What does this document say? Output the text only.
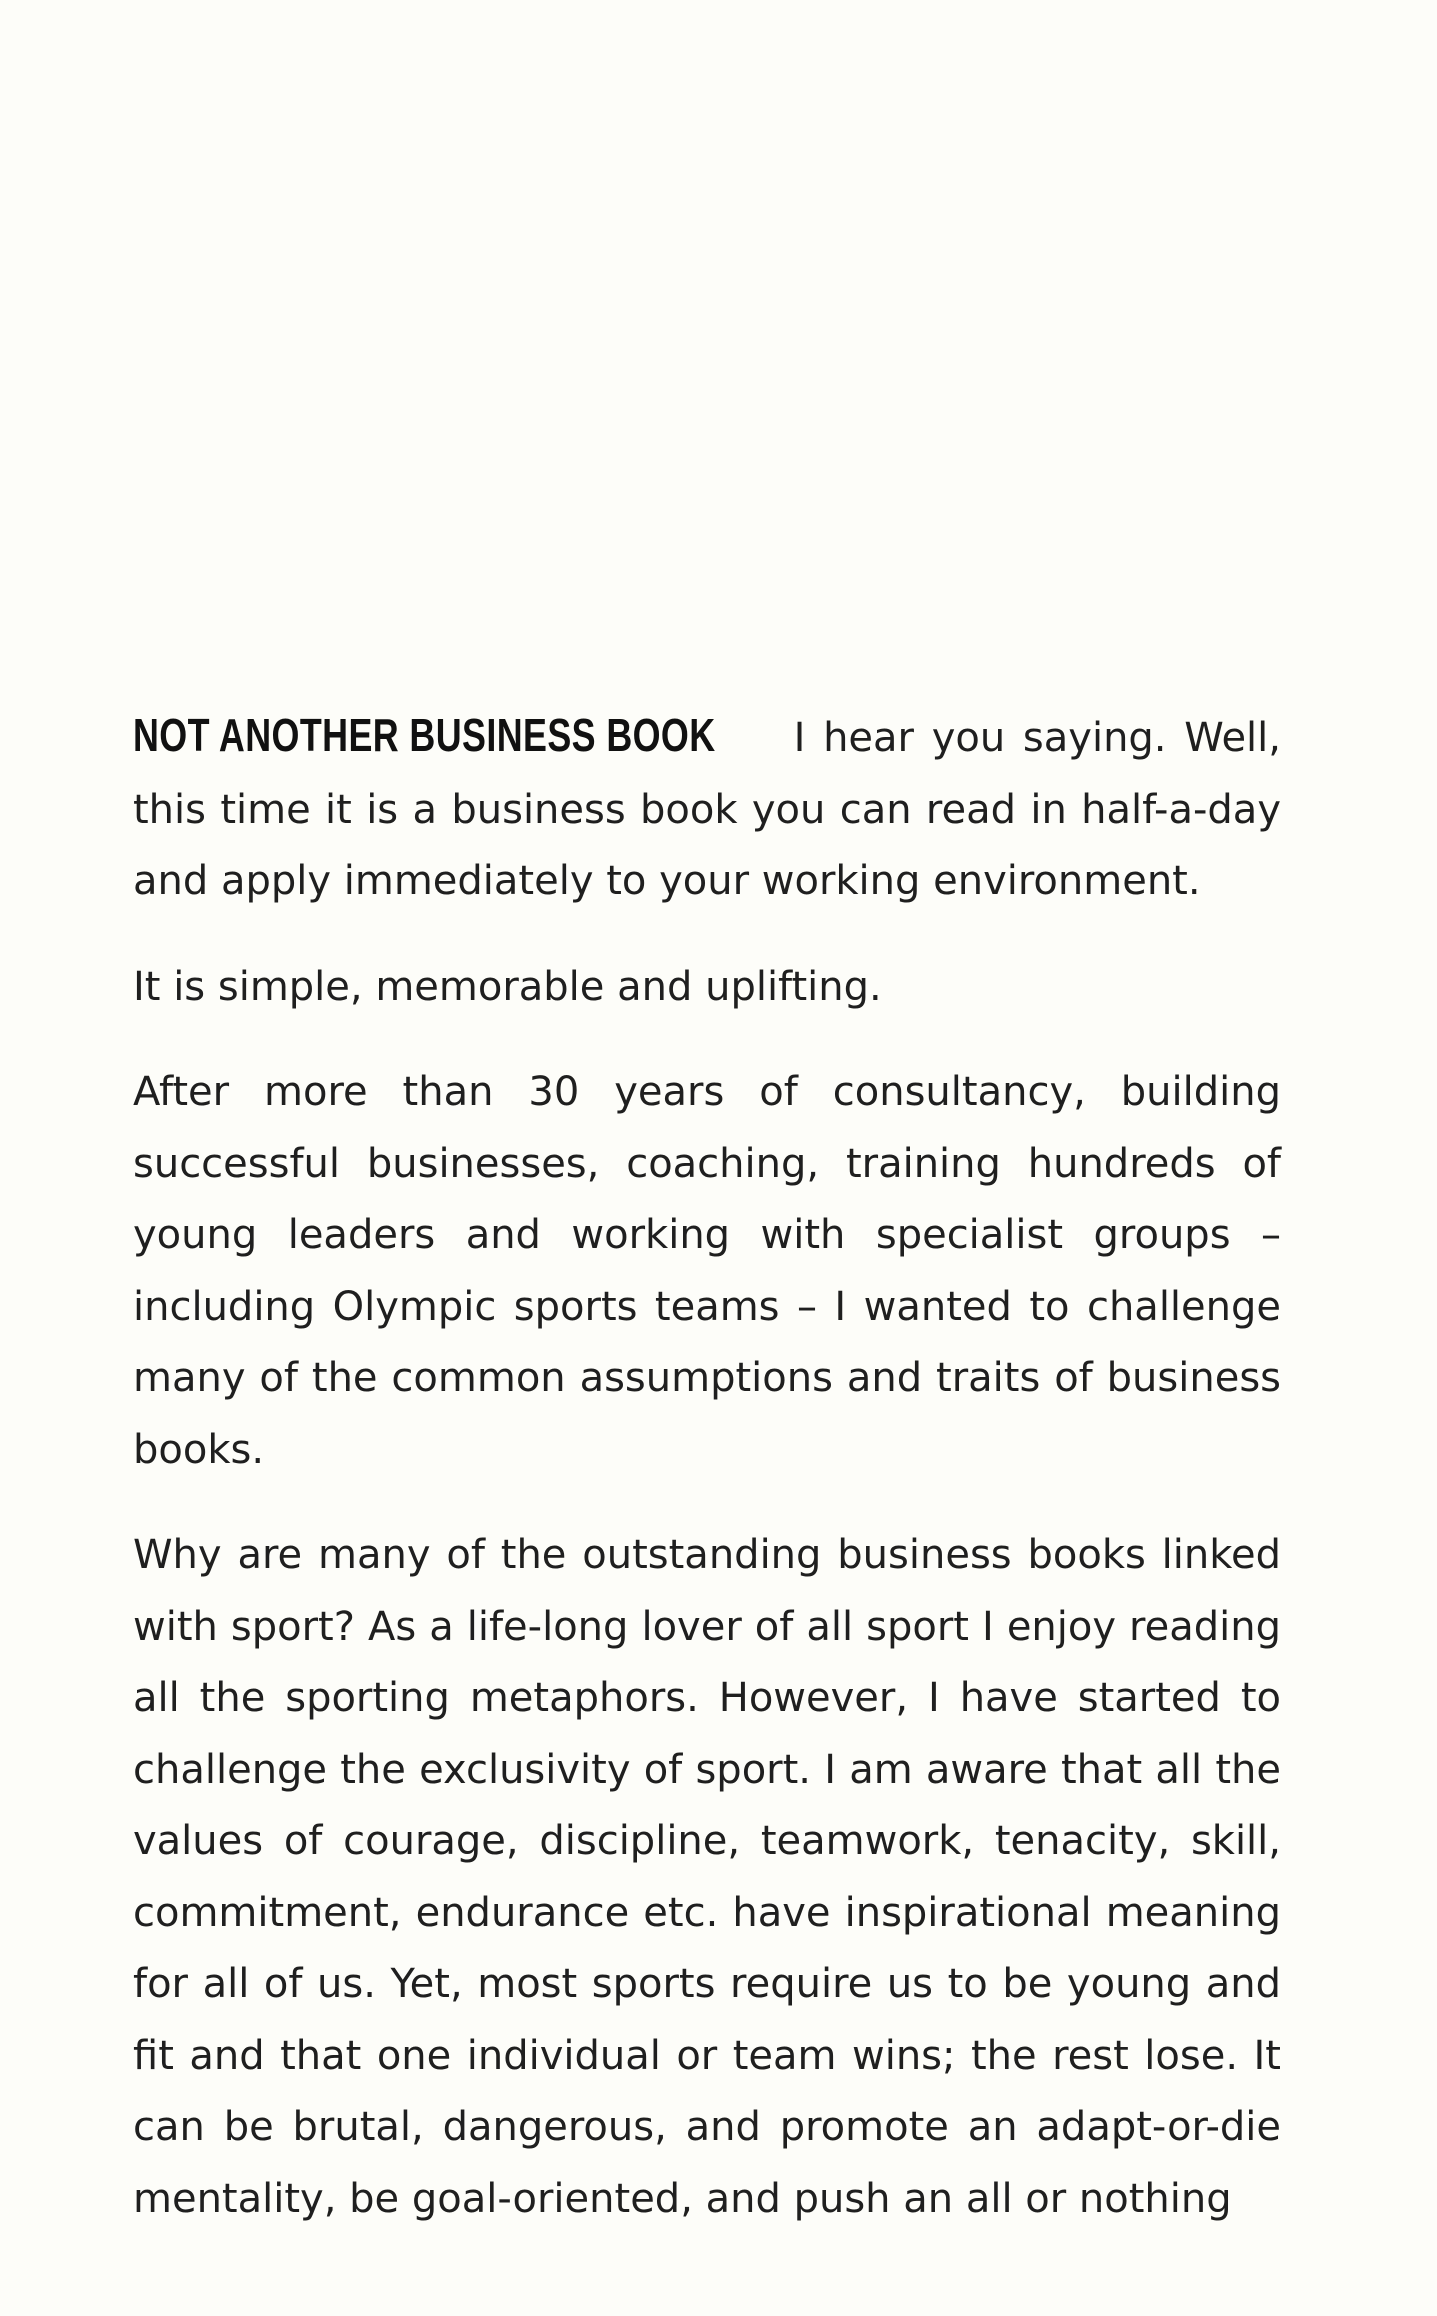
NOT ANOTHER BUSINESS BOOK I hear you saying. Well, this time it is a business book you can read in half-a-day and apply immediately to your working environment.

It is simple, memorable and uplifting.

After more than 30 years of consultancy, building successful businesses, coaching, training hundreds of young leaders and working with specialist groups – including Olympic sports teams – I wanted to challenge many of the common assumptions and traits of business books.

Why are many of the outstanding business books linked with sport? As a life-long lover of all sport I enjoy reading all the sporting metaphors. However, I have started to challenge the exclusivity of sport. I am aware that all the values of courage, discipline, teamwork, tenacity, skill, commitment, endurance etc. have inspirational meaning for all of us. Yet, most sports require us to be young and fit and that one individual or team wins; the rest lose. It can be brutal, dangerous, and promote an adapt-or-die mentality, be goal-oriented, and push an all or nothing
